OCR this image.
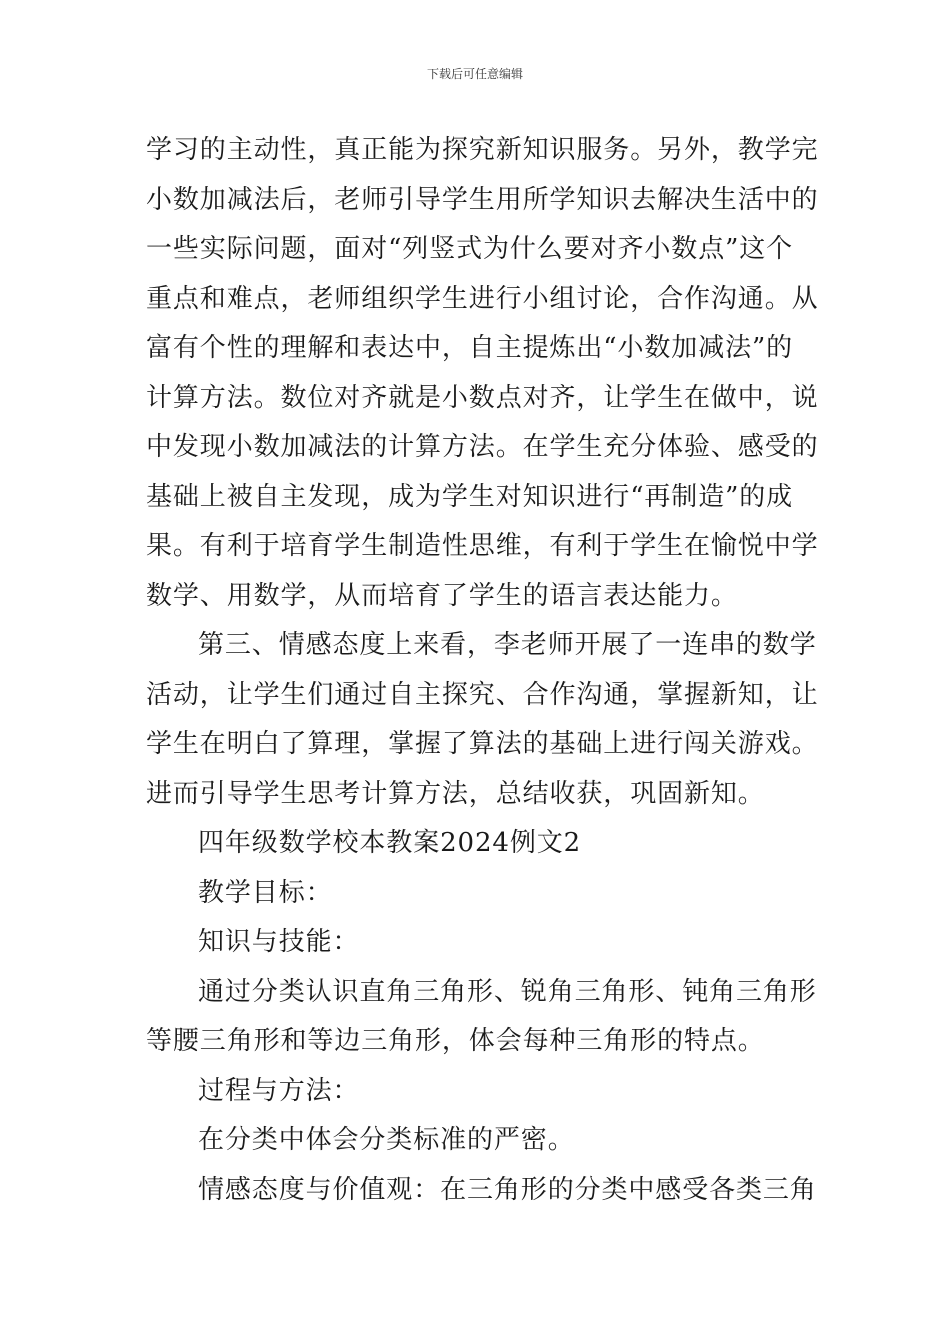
下载后可任意编辑

学习的主动性，真正能为探究新知识服务。另外，教学完
小数加减法后，老师引导学生用所学知识去解决生活中的
一些实际问题，面对“列竖式为什么要对齐小数点”这个
重点和难点，老师组织学生进行小组讨论，合作沟通。从
富有个性的理解和表达中，自主提炼出“小数加减法”的
计算方法。数位对齐就是小数点对齐，让学生在做中，说
中发现小数加减法的计算方法。在学生充分体验、感受的
基础上被自主发现，成为学生对知识进行“再制造”的成
果。有利于培育学生制造性思维，有利于学生在愉悦中学
数学、用数学，从而培育了学生的语言表达能力。

第三、情感态度上来看，李老师开展了一连串的数学
活动，让学生们通过自主探究、合作沟通，掌握新知，让
学生在明白了算理，掌握了算法的基础上进行闯关游戏。
进而引导学生思考计算方法，总结收获，巩固新知。

四年级数学校本教案2024例文2

教学目标：

知识与技能：

通过分类认识直角三角形、锐角三角形、钝角三角形
等腰三角形和等边三角形，体会每种三角形的特点。

过程与方法：

在分类中体会分类标准的严密。

情感态度与价值观：在三角形的分类中感受各类三角
